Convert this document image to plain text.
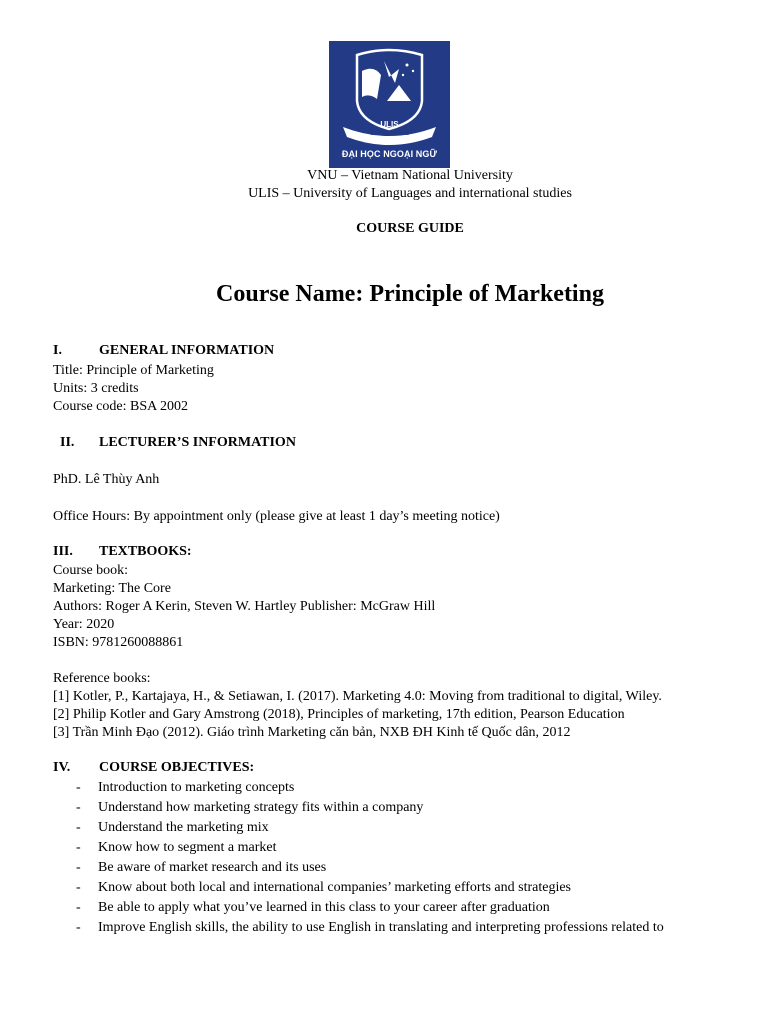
ULIS
OPPORTUNITAS
ĐẠI HỌC NGOẠI NGỮ
VNU – Vietnam National University
ULIS – University of Languages and international studies
COURSE GUIDE
Course Name: Principle of Marketing
I.	GENERAL INFORMATION
Title: Principle of Marketing
Units: 3 credits
Course code: BSA 2002
II. LECTURER’S INFORMATION
PhD. Lê Thùy Anh
Office Hours: By appointment only (please give at least 1 day’s meeting notice)
III. TEXTBOOKS:
Course book:
Marketing: The Core
Authors: Roger A Kerin, Steven W. Hartley Publisher: McGraw Hill
Year: 2020
ISBN: 9781260088861
Reference books:
[1] Kotler, P., Kartajaya, H., & Setiawan, I. (2017). Marketing 4.0: Moving from traditional to digital, Wiley.
[2] Philip Kotler and Gary Amstrong (2018), Principles of marketing, 17th edition, Pearson Education
[3] Trần Minh Đạo (2012). Giáo trình Marketing căn bản, NXB ĐH Kinh tế Quốc dân, 2012
IV. COURSE OBJECTIVES:
- Introduction to marketing concepts
- Understand how marketing strategy fits within a company
- Understand the marketing mix
- Know how to segment a market
- Be aware of market research and its uses
- Know about both local and international companies’ marketing efforts and strategies
- Be able to apply what you’ve learned in this class to your career after graduation
- Improve English skills, the ability to use English in translating and interpreting professions related to
